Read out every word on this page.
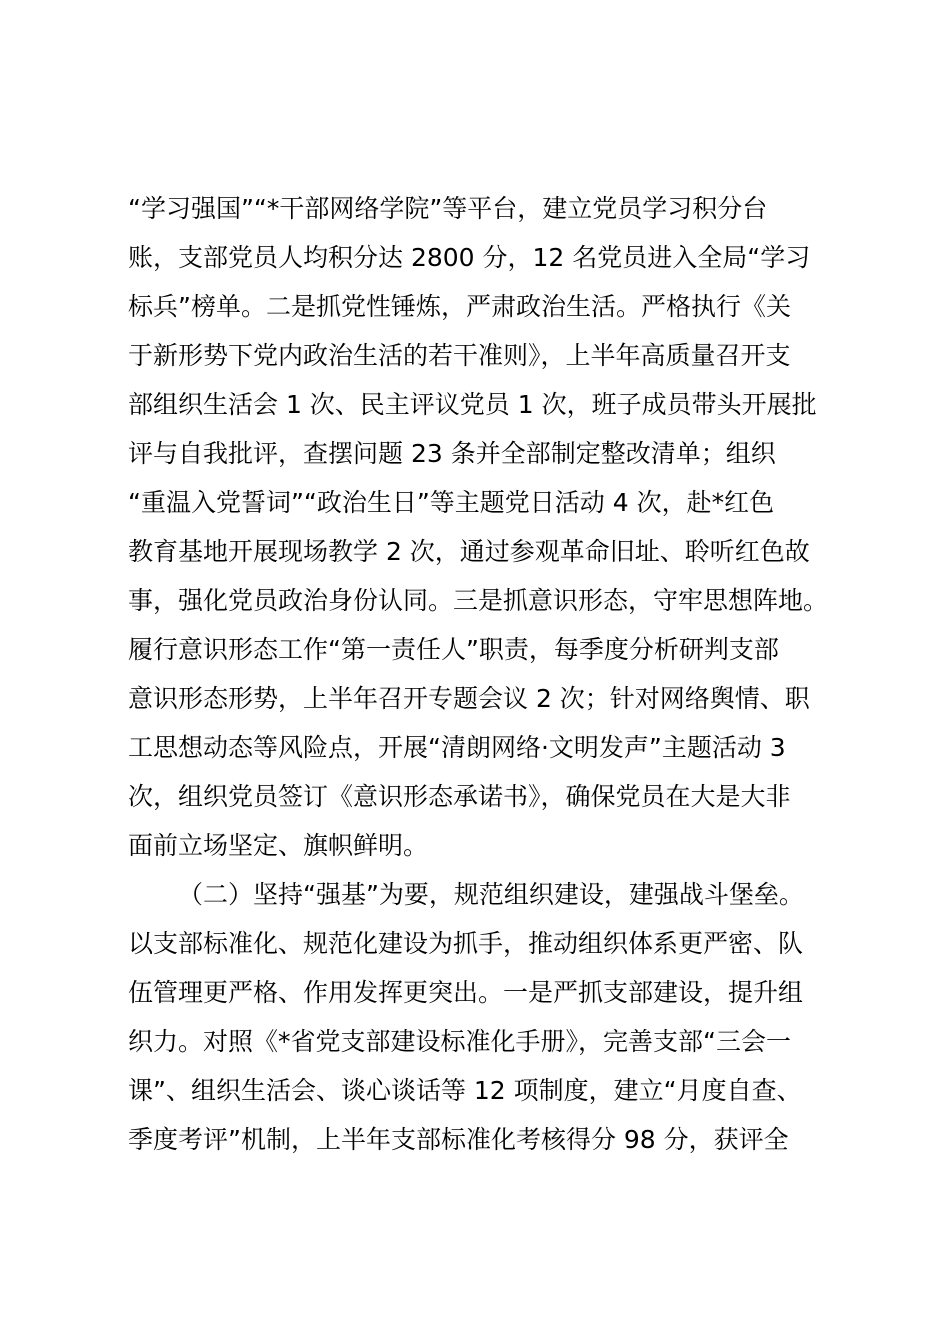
“学习强国”“*干部网络学院”等平台，建立党员学习积分台
账，支部党员人均积分达 2800 分，12 名党员进入全局“学习
标兵”榜单。二是抓党性锤炼，严肃政治生活。严格执行《关
于新形势下党内政治生活的若干准则》，上半年高质量召开支
部组织生活会 1 次、民主评议党员 1 次，班子成员带头开展批
评与自我批评，查摆问题 23 条并全部制定整改清单；组织
“重温入党誓词”“政治生日”等主题党日活动 4 次，赴*红色
教育基地开展现场教学 2 次，通过参观革命旧址、聆听红色故
事，强化党员政治身份认同。三是抓意识形态，守牢思想阵地。
履行意识形态工作“第一责任人”职责，每季度分析研判支部
意识形态形势，上半年召开专题会议 2 次；针对网络舆情、职
工思想动态等风险点，开展“清朗网络·文明发声”主题活动 3
次，组织党员签订《意识形态承诺书》，确保党员在大是大非
面前立场坚定、旗帜鲜明。
（二）坚持“强基”为要，规范组织建设，建强战斗堡垒。
以支部标准化、规范化建设为抓手，推动组织体系更严密、队
伍管理更严格、作用发挥更突出。一是严抓支部建设，提升组
织力。对照《*省党支部建设标准化手册》，完善支部“三会一
课”、组织生活会、谈心谈话等 12 项制度，建立“月度自查、
季度考评”机制，上半年支部标准化考核得分 98 分，获评全
